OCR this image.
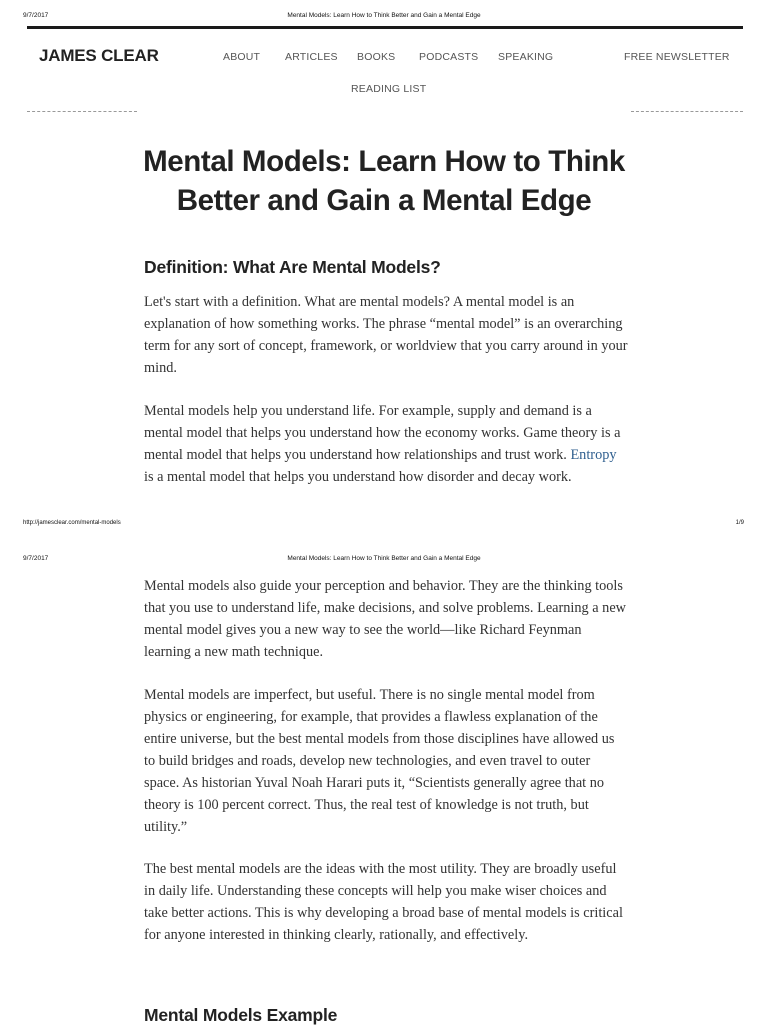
9/7/2017	Mental Models: Learn How to Think Better and Gain a Mental Edge
JAMES CLEAR	ABOUT ARTICLES BOOKS PODCASTS SPEAKING	FREE NEWSLETTER
READING LIST
Mental Models: Learn How to Think Better and Gain a Mental Edge
Definition: What Are Mental Models?

Let's start with a definition. What are mental models? A mental model is an explanation of how something works. The phrase “mental model” is an overarching term for any sort of concept, framework, or worldview that you carry around in your mind.

Mental models help you understand life. For example, supply and demand is a mental model that helps you understand how the economy works. Game theory is a mental model that helps you understand how relationships and trust work. Entropy is a mental model that helps you understand how disorder and decay work.

http://jamesclear.com/mental-models	1/9
9/7/2017	Mental Models: Learn How to Think Better and Gain a Mental Edge

Mental models also guide your perception and behavior. They are the thinking tools that you use to understand life, make decisions, and solve problems. Learning a new mental model gives you a new way to see the world—like Richard Feynman learning a new math technique.

Mental models are imperfect, but useful. There is no single mental model from physics or engineering, for example, that provides a flawless explanation of the entire universe, but the best mental models from those disciplines have allowed us to build bridges and roads, develop new technologies, and even travel to outer space. As historian Yuval Noah Harari puts it, “Scientists generally agree that no theory is 100 percent correct. Thus, the real test of knowledge is not truth, but utility.”

The best mental models are the ideas with the most utility. They are broadly useful in daily life. Understanding these concepts will help you make wiser choices and take better actions. This is why developing a broad base of mental models is critical for anyone interested in thinking clearly, rationally, and effectively.

Mental Models Example
